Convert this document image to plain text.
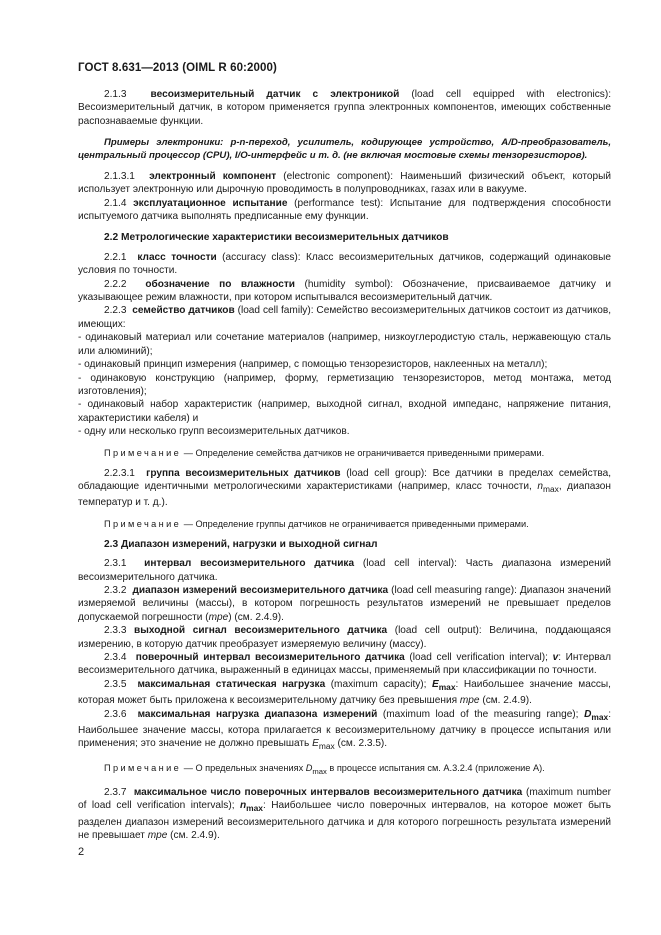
ГОСТ 8.631—2013 (OIML R 60:2000)

2.1.3 весоизмерительный датчик с электроникой (load cell equipped with electronics): Весоизмерительный датчик, в котором применяется группа электронных компонентов, имеющих собственные распознаваемые функции.

Примеры электроники: p-n-переход, усилитель, кодирующее устройство, A/D-преобразователь, центральный процессор (CPU), I/O-интерфейс и т. д. (не включая мостовые схемы тензорезисторов).

2.1.3.1 электронный компонент (electronic component): Наименьший физический объект, который использует электронную или дырочную проводимость в полупроводниках, газах или в вакууме.

2.1.4 эксплуатационное испытание (performance test): Испытание для подтверждения способности испытуемого датчика выполнять предписанные ему функции.

2.2 Метрологические характеристики весоизмерительных датчиков

2.2.1 класс точности (accuracy class): Класс весоизмерительных датчиков, содержащий одинаковые условия по точности.

2.2.2 обозначение по влажности (humidity symbol): Обозначение, присваиваемое датчику и указывающее режим влажности, при котором испытывался весоизмерительный датчик.

2.2.3 семейство датчиков (load cell family): Семейство весоизмерительных датчиков состоит из датчиков, имеющих:

- одинаковый материал или сочетание материалов (например, низкоуглеродистую сталь, нержавеющую сталь или алюминий);

- одинаковый принцип измерения (например, с помощью тензорезисторов, наклеенных на металл);

- одинаковую конструкцию (например, форму, герметизацию тензорезисторов, метод монтажа, метод изготовления);

- одинаковый набор характеристик (например, выходной сигнал, входной импеданс, напряжение питания, характеристики кабеля) и

- одну или несколько групп весоизмерительных датчиков.

Примечание — Определение семейства датчиков не ограничивается приведенными примерами.

2.2.3.1 группа весоизмерительных датчиков (load cell group): Все датчики в пределах семейства, обладающие идентичными метрологическими характеристиками (например, класс точности, $n_{max}$, диапазон температур и т. д.).

Примечание — Определение группы датчиков не ограничивается приведенными примерами.
2.3 Диапазон измерений, нагрузки и выходной сигнал

2.3.1 интервал весоизмерительного датчика (load cell interval): Часть диапазона измерений весоизмерительного датчика.

2.3.2 диапазон измерений весоизмерительного датчика (load cell measuring range): Диапазон значений измеряемой величины (массы), в котором погрешность результатов измерений не превышает пределов допускаемой погрешности (mpe) (см. 2.4.9).

2.3.3 выходной сигнал весоизмерительного датчика (load cell output): Величина, поддающаяся измерению, в которую датчик преобразует измеряемую величину (массу).

2.3.4 поверочный интервал весоизмерительного датчика (load cell verification interval); v: Интервал весоизмерительного датчика, выраженный в единицах массы, применяемый при классификации по точности.

2.3.5 максимальная статическая нагрузка (maximum capacity); $E_{max}$: Наибольшее значение массы, которая может быть приложена к весоизмерительному датчику без превышения mpe (см. 2.4.9).

2.3.6 максимальная нагрузка диапазона измерений (maximum load of the measuring range); $D_{max}$: Наибольшее значение массы, котора прилагается к весоизмерительному датчику в процессе испытания или применения; это значение не должно превышать $E_{max}$ (см. 2.3.5).

Примечание — О предельных значениях $D_{max}$ в процессе испытания см. А.3.2.4 (приложение А).

2.3.7 максимальное число поверочных интервалов весоизмерительного датчика (maximum number of load cell verification intervals); $n_{max}$: Наибольшее число поверочных интервалов, на которое может быть разделен диапазон измерений весоизмерительного датчика и для которого погрешность результата измерений не превышает mpe (см. 2.4.9).

2
